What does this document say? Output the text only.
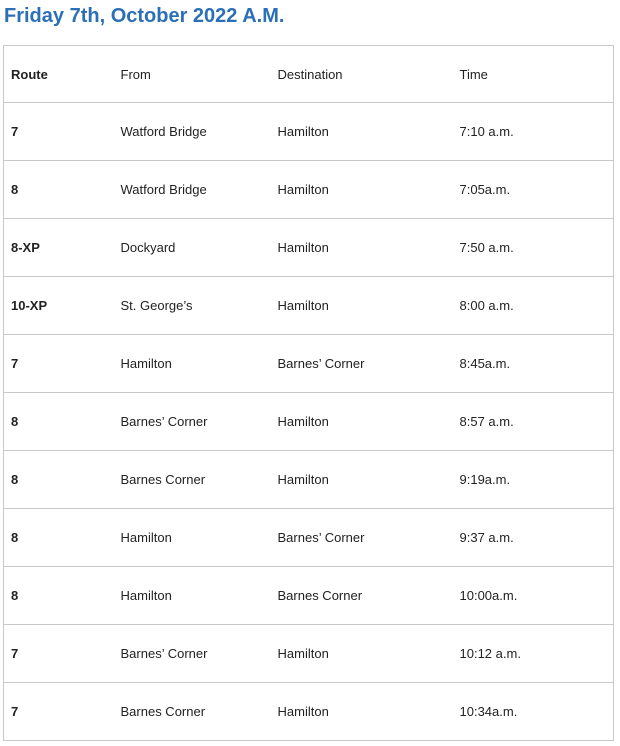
Friday 7th, October 2022 A.M.
Route	From	Destination	Time
7	Watford Bridge	Hamilton	7:10 a.m.
8	Watford Bridge	Hamilton	7:05a.m.
8-XP	Dockyard	Hamilton	7:50 a.m.
10-XP	St. George’s	Hamilton	8:00 a.m.
7	Hamilton	Barnes’ Corner	8:45a.m.
8	Barnes’ Corner	Hamilton	8:57 a.m.
8	Barnes Corner	Hamilton	9:19a.m.
8	Hamilton	Barnes’ Corner	9:37 a.m.
8	Hamilton	Barnes Corner	10:00a.m.
7	Barnes’ Corner	Hamilton	10:12 a.m.
7	Barnes Corner	Hamilton	10:34a.m.
